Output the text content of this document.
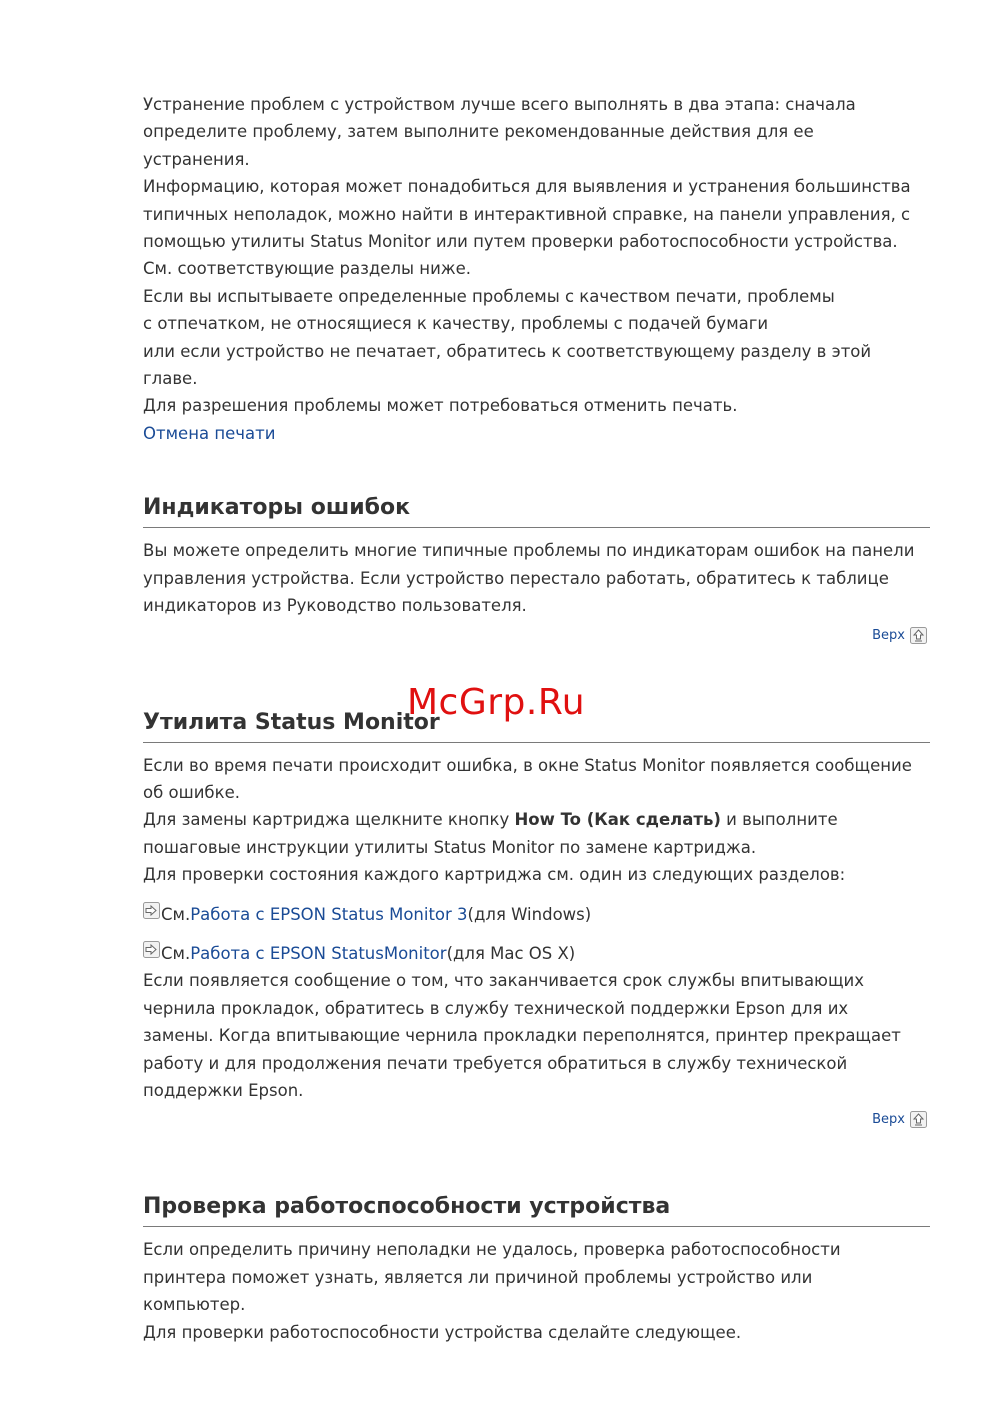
Устранение проблем с устройством лучше всего выполнять в два этапа: сначала

определите проблему, затем выполните рекомендованные действия для ее

устранения.

Информацию, которая может понадобиться для выявления и устранения большинства

типичных неполадок, можно найти в интерактивной справке, на панели управления, с

помощью утилиты Status Monitor или путем проверки работоспособности устройства.

См. соответствующие разделы ниже.

Если вы испытываете определенные проблемы с качеством печати, проблемы

с отпечатком, не относящиеся к качеству, проблемы с подачей бумаги

или если устройство не печатает, обратитесь к соответствующему разделу в этой

главе.

Для разрешения проблемы может потребоваться отменить печать.

Отмена печати

Индикаторы ошибок

Вы можете определить многие типичные проблемы по индикаторам ошибок на панели

управления устройства. Если устройство перестало работать, обратитесь к таблице

индикаторов из Руководство пользователя.

Верх
Утилита Status Monitor

Если во время печати происходит ошибка, в окне Status Monitor появляется сообщение

об ошибке.

Для замены картриджа щелкните кнопку How To (Как сделать) и выполните

пошаговые инструкции утилиты Status Monitor по замене картриджа.

Для проверки состояния каждого картриджа см. один из следующих разделов:

См. Работа с EPSON Status Monitor 3 (для Windows)

См. Работа с EPSON StatusMonitor (для Mac OS X)

Если появляется сообщение о том, что заканчивается срок службы впитывающих

чернила прокладок, обратитесь в службу технической поддержки Epson для их

замены. Когда впитывающие чернила прокладки переполнятся, принтер прекращает

работу и для продолжения печати требуется обратиться в службу технической

поддержки Epson.

Верх
Проверка работоспособности устройства

Если определить причину неполадки не удалось, проверка работоспособности

принтера поможет узнать, является ли причиной проблемы устройство или

компьютер.

Для проверки работоспособности устройства сделайте следующее.

McGrp.Ru
